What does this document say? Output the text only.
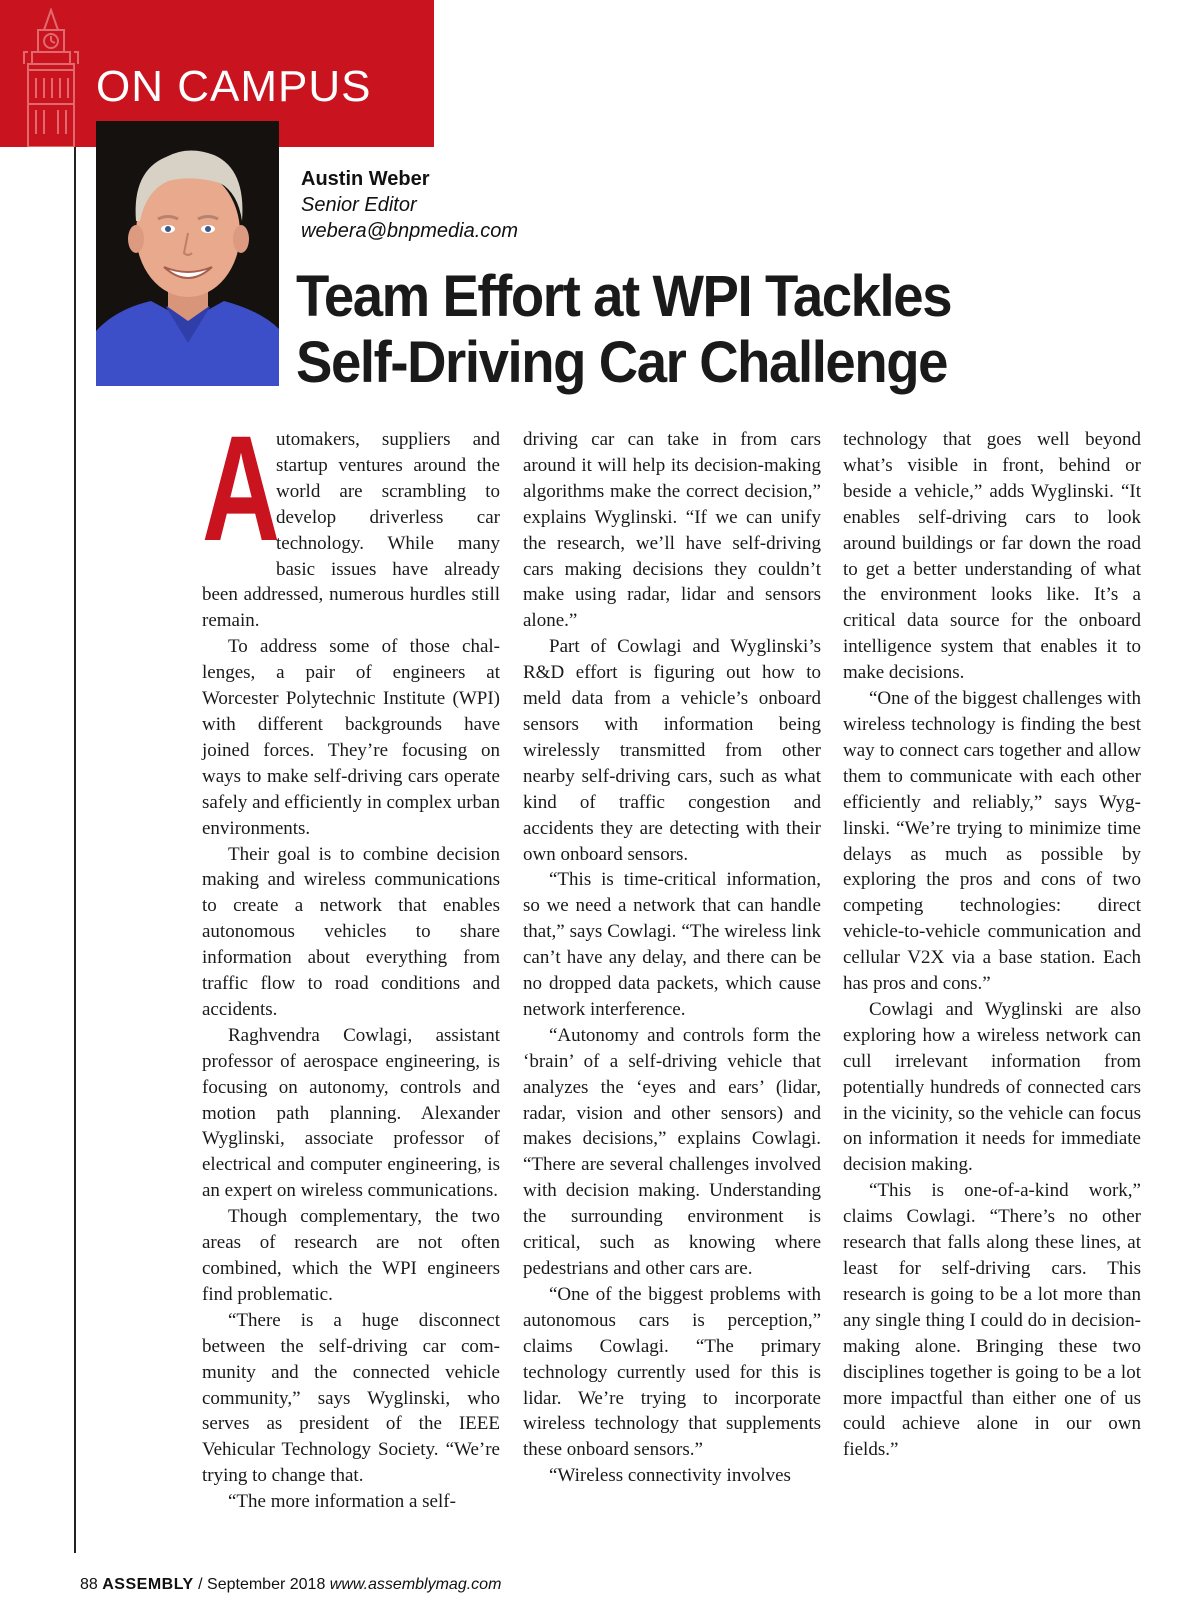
ON CAMPUS
Austin Weber
Senior Editor
webera@bnpmedia.com
Team Effort at WPI Tackles
Self-Driving Car Challenge

A
utomakers, suppliers and startup ventures around the world are scrambling to develop driverless car technology. While many basic issues have already been addressed, numerous hurdles still remain.

To address some of those challenges, a pair of engineers at Worcester Polytechnic Institute (WPI) with different backgrounds have joined forces. They’re focusing on ways to make self-driving cars operate safely and efficiently in complex urban environments.

Their goal is to combine decision making and wireless communications to create a network that enables autonomous vehicles to share information about everything from traffic flow to road conditions and accidents.

Raghvendra Cowlagi, assistant professor of aerospace engineering, is focusing on autonomy, controls and motion path planning. Alexander Wyglinski, associate professor of electrical and computer engineering, is an expert on wireless communications.

Though complementary, the two areas of research are not often combined, which the WPI engineers find problematic.

“There is a huge disconnect between the self-driving car community and the connected vehicle community,” says Wyglinski, who serves as president of the IEEE Vehicular Technology Society. “We’re trying to change that.

“The more information a self-

driving car can take in from cars around it will help its decision-making algorithms make the correct decision,” explains Wyglinski. “If we can unify the research, we’ll have self-driving cars making decisions they couldn’t make using radar, lidar and sensors alone.”

Part of Cowlagi and Wyglinski’s R&D effort is figuring out how to meld data from a vehicle’s onboard sensors with information being wirelessly transmitted from other nearby self-driving cars, such as what kind of traffic congestion and accidents they are detecting with their own onboard sensors.

“This is time-critical information, so we need a network that can handle that,” says Cowlagi. “The wireless link can’t have any delay, and there can be no dropped data packets, which cause network interference.

“Autonomy and controls form the ‘brain’ of a self-driving vehicle that analyzes the ‘eyes and ears’ (lidar, radar, vision and other sensors) and makes decisions,” explains Cowlagi. “There are several challenges involved with decision making. Understanding the surrounding environment is critical, such as knowing where pedestrians and other cars are.

“One of the biggest problems with autonomous cars is perception,” claims Cowlagi. “The primary technology currently used for this is lidar. We’re trying to incorporate wireless technology that supplements these onboard sensors.”

“Wireless connectivity involves

technology that goes well beyond what’s visible in front, behind or beside a vehicle,” adds Wyglinski. “It enables self-driving cars to look around buildings or far down the road to get a better understanding of what the environment looks like. It’s a critical data source for the onboard intelligence system that enables it to make decisions.

“One of the biggest challenges with wireless technology is finding the best way to connect cars together and allow them to communicate with each other efficiently and reliably,” says Wyglinski. “We’re trying to minimize time delays as much as possible by exploring the pros and cons of two competing technologies: direct vehicle-to-vehicle communication and cellular V2X via a base station. Each has pros and cons.”

Cowlagi and Wyglinski are also exploring how a wireless network can cull irrelevant information from potentially hundreds of connected cars in the vicinity, so the vehicle can focus on information it needs for immediate decision making.

“This is one-of-a-kind work,” claims Cowlagi. “There’s no other research that falls along these lines, at least for self-driving cars. This research is going to be a lot more than any single thing I could do in decision-making alone. Bringing these two disciplines together is going to be a lot more impactful than either one of us could achieve alone in our own fields.”

88 ASSEMBLY / September 2018 www.assemblymag.com
